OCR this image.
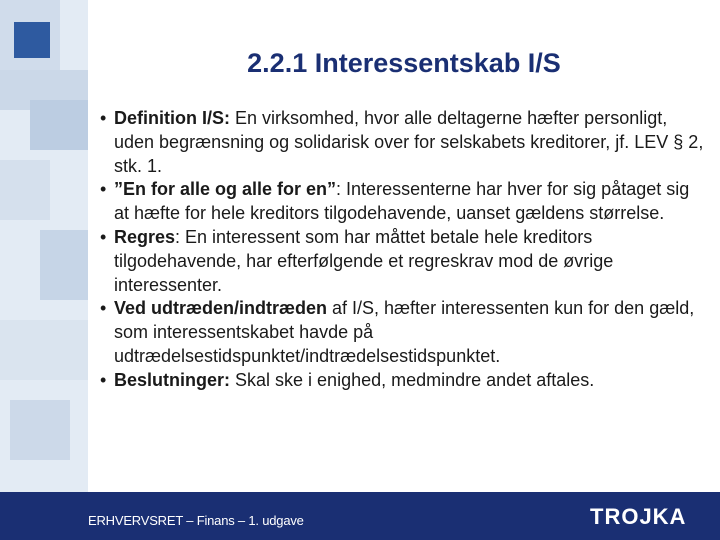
2.2.1 Interessentskab I/S

• Definition I/S: En virksomhed, hvor alle deltagerne hæfter personligt, uden begrænsning og solidarisk over for selskabets kreditorer, jf. LEV § 2, stk. 1.

• ”En for alle og alle for en”: Interessenterne har hver for sig påtaget sig at hæfte for hele kreditors tilgodehavende, uanset gældens størrelse.

• Regres: En interessent som har måttet betale hele kreditors tilgodehavende, har efterfølgende et regreskrav mod de øvrige interessenter.

• Ved udtræden/indtræden af I/S, hæfter interessenten kun for den gæld, som interessentskabet havde på udtrædelsestidspunktet/indtrædelsestidspunktet.

• Beslutninger: Skal ske i enighed, medmindre andet aftales.

ERHVERVSRET – Finans – 1. udgave	TROJKA
